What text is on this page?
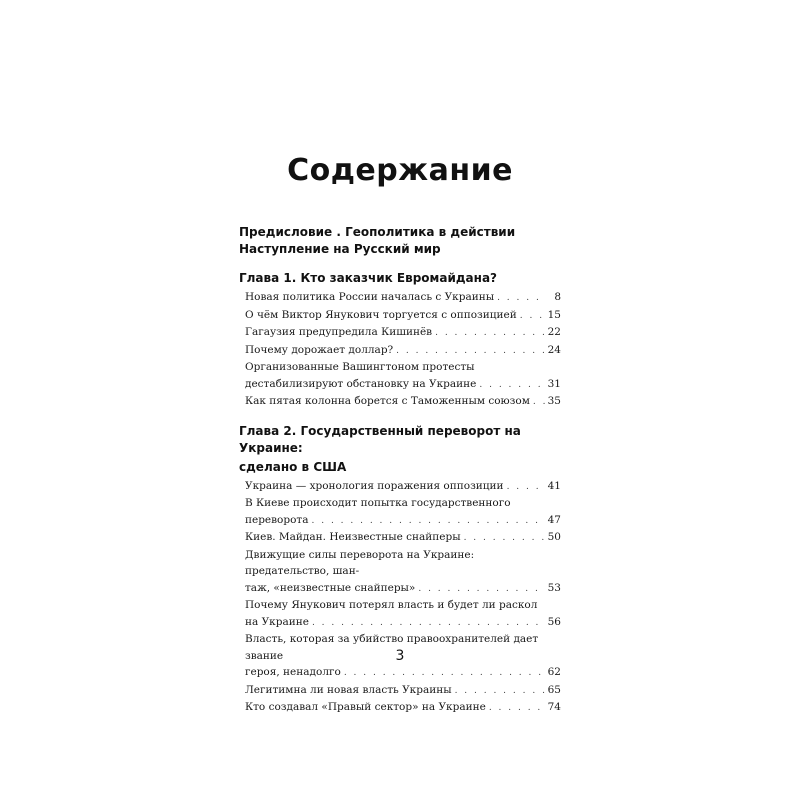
Содержание
Предисловие . Геополитика в действии
Наступление на Русский мир
Глава 1. Кто заказчик Евромайдана?
Новая политика России началась с Украины . . .	8
О чём Виктор Янукович торгуется с оппозицией . . .	15
Гагаузия предупредила Кишинёв . . .	22
Почему дорожает доллар? . . .	24
Организованные Вашингтоном протесты
дестабилизируют обстановку на Украине . . .	31
Как пятая колонна борется с Таможенным союзом . . . 35
Глава 2. Государственный переворот на Украине:
сделано в США
Украина — хронология поражения оппозиции . . .	41
В Киеве происходит попытка государственного
переворота . . .	47
Киев. Майдан. Неизвестные снайперы . . .	50
Движущие силы переворота на Украине: предательство, шан-
таж, «неизвестные снайперы» . . .	53
Почему Янукович потерял власть и будет ли раскол
на Украине . . .	56
Власть, которая за убийство правоохранителей дает звание
героя, ненадолго . . .	62
Легитимна ли новая власть Украины . . .	65
Кто создавал «Правый сектор» на Украине . . .	74
3
